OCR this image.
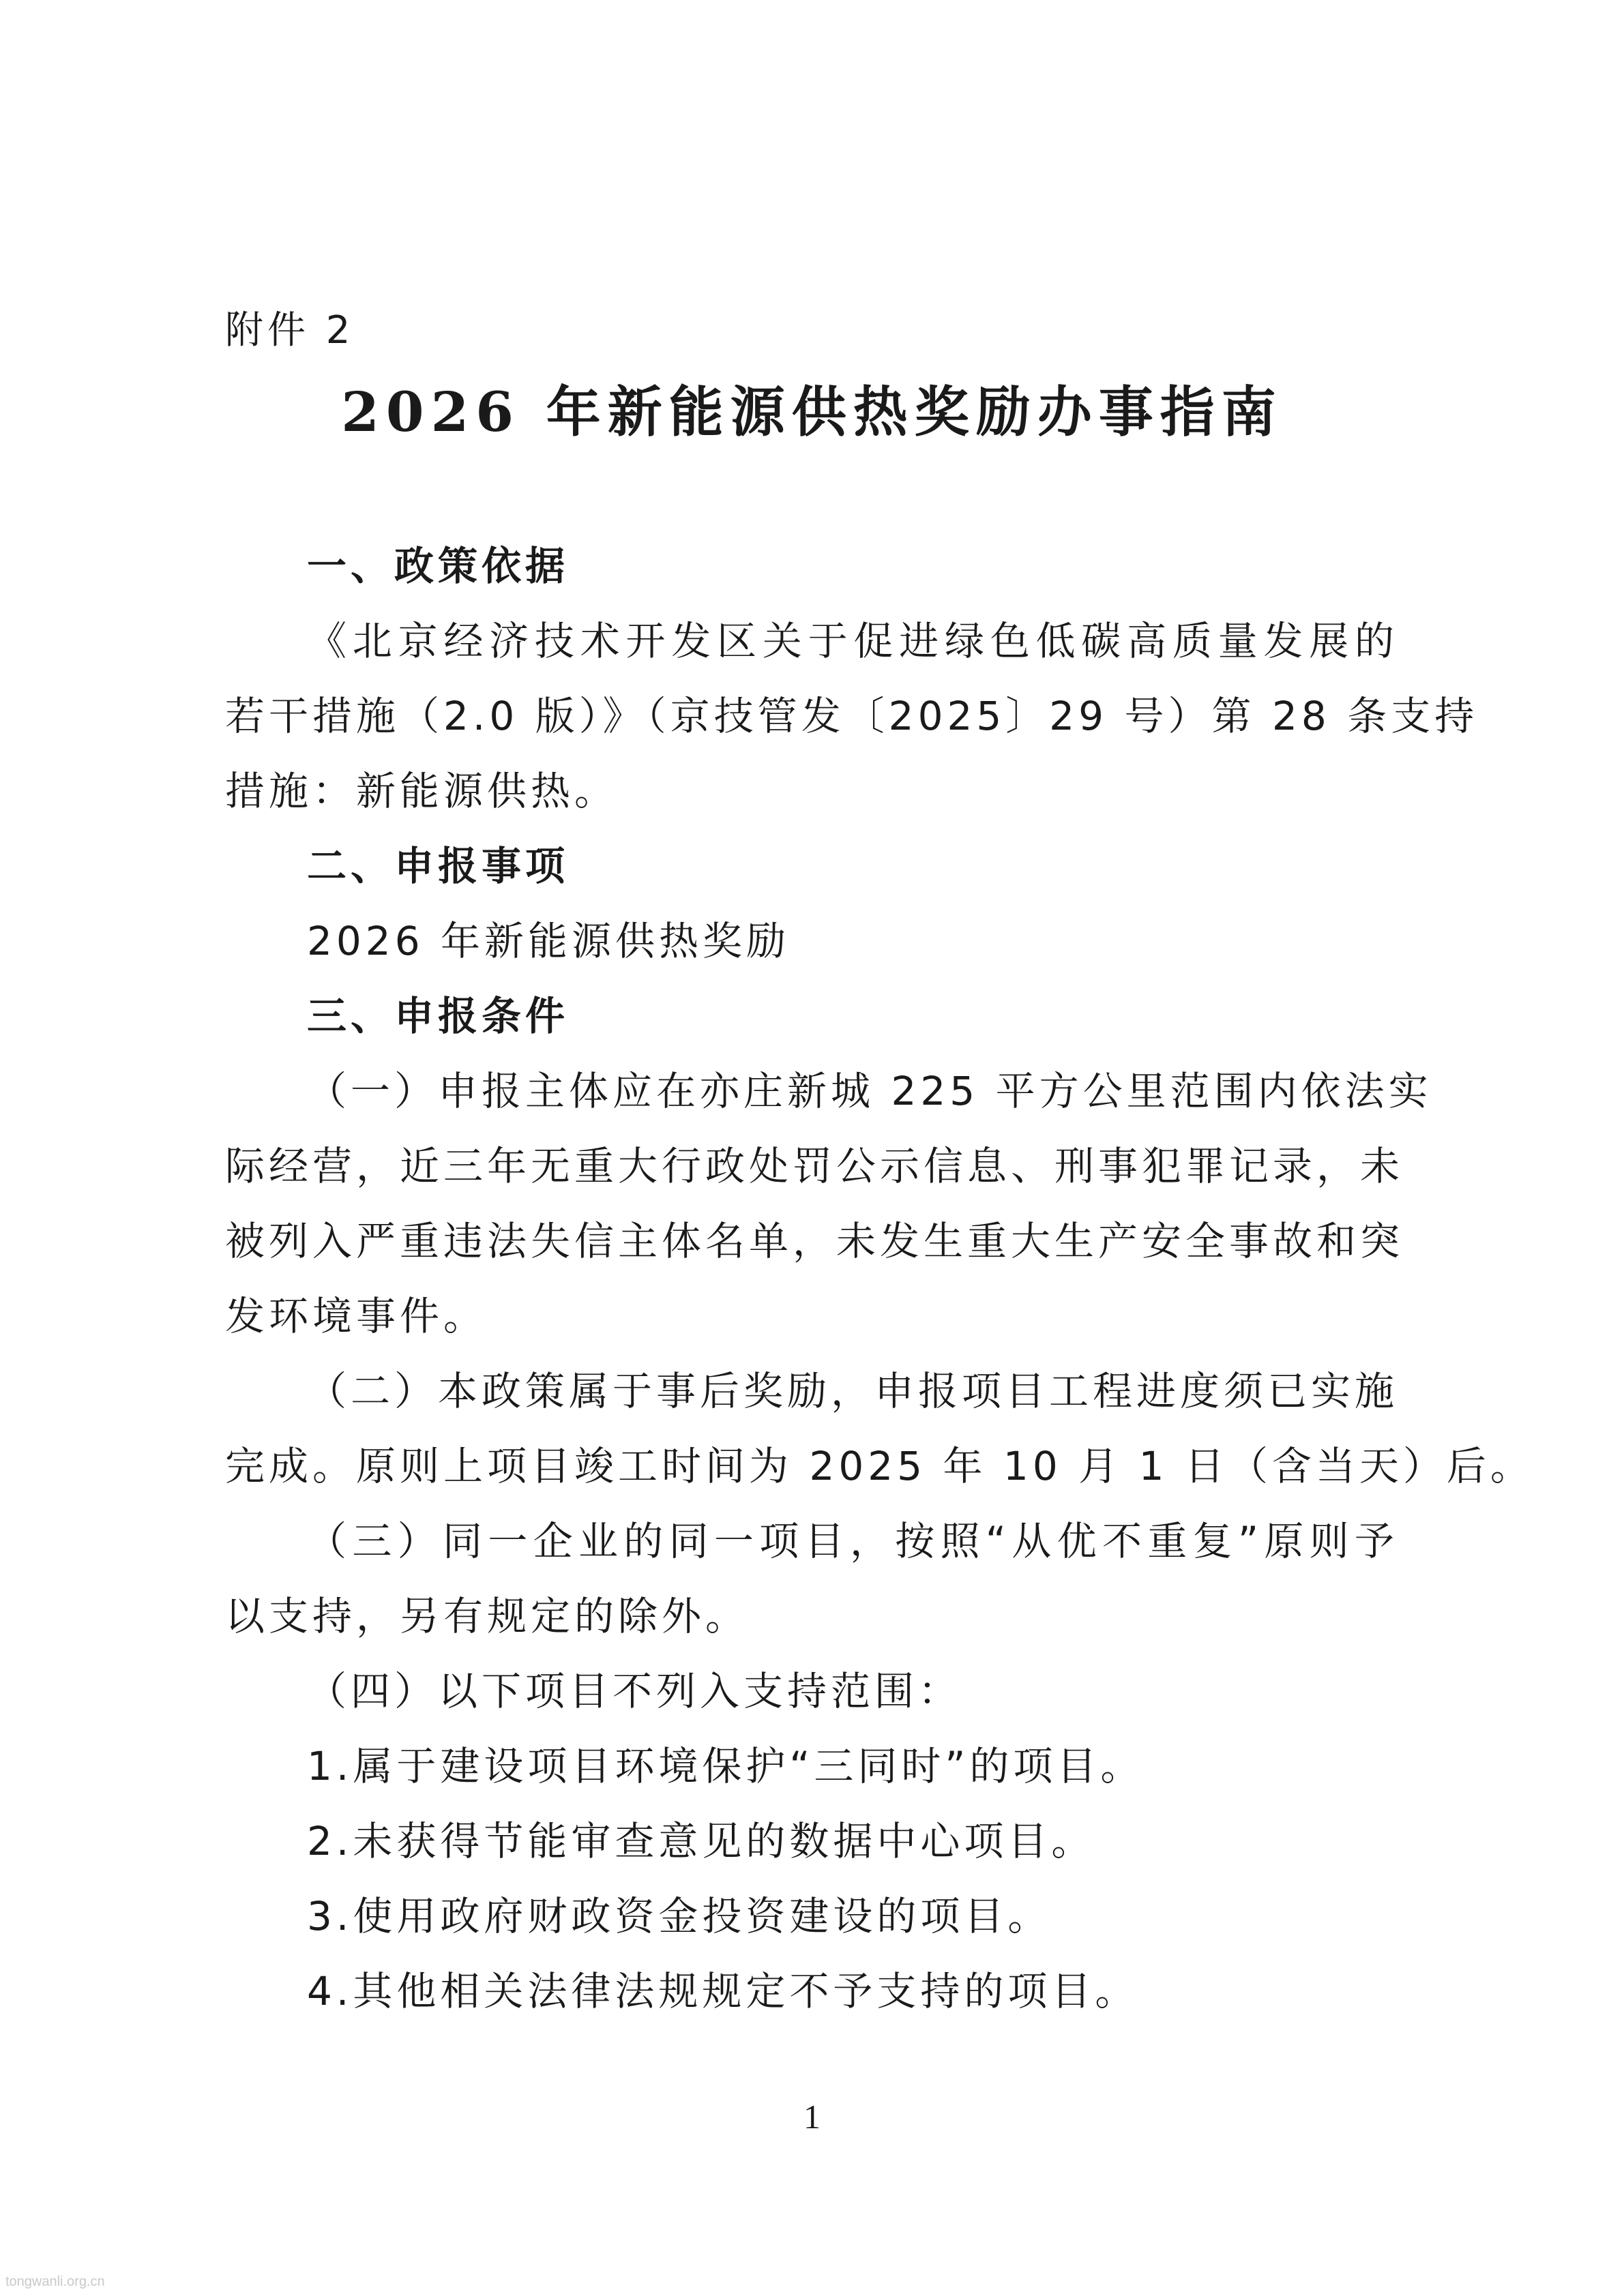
附件 2
2026 年新能源供热奖励办事指南
一、政策依据
《北京经济技术开发区关于促进绿色低碳高质量发展的
若干措施（2.0 版）》（京技管发〔2025〕29 号）第 28 条支持
措施：新能源供热。
二、申报事项
2026 年新能源供热奖励
三、申报条件
（一）申报主体应在亦庄新城 225 平方公里范围内依法实
际经营，近三年无重大行政处罚公示信息、刑事犯罪记录，未
被列入严重违法失信主体名单，未发生重大生产安全事故和突
发环境事件。
（二）本政策属于事后奖励，申报项目工程进度须已实施
完成。原则上项目竣工时间为 2025 年 10 月 1 日（含当天）后。
（三）同一企业的同一项目，按照“从优不重复”原则予
以支持，另有规定的除外。
（四）以下项目不列入支持范围：
1.属于建设项目环境保护“三同时”的项目。
2.未获得节能审查意见的数据中心项目。
3.使用政府财政资金投资建设的项目。
4.其他相关法律法规规定不予支持的项目。
1
tongwanli.org.cn
